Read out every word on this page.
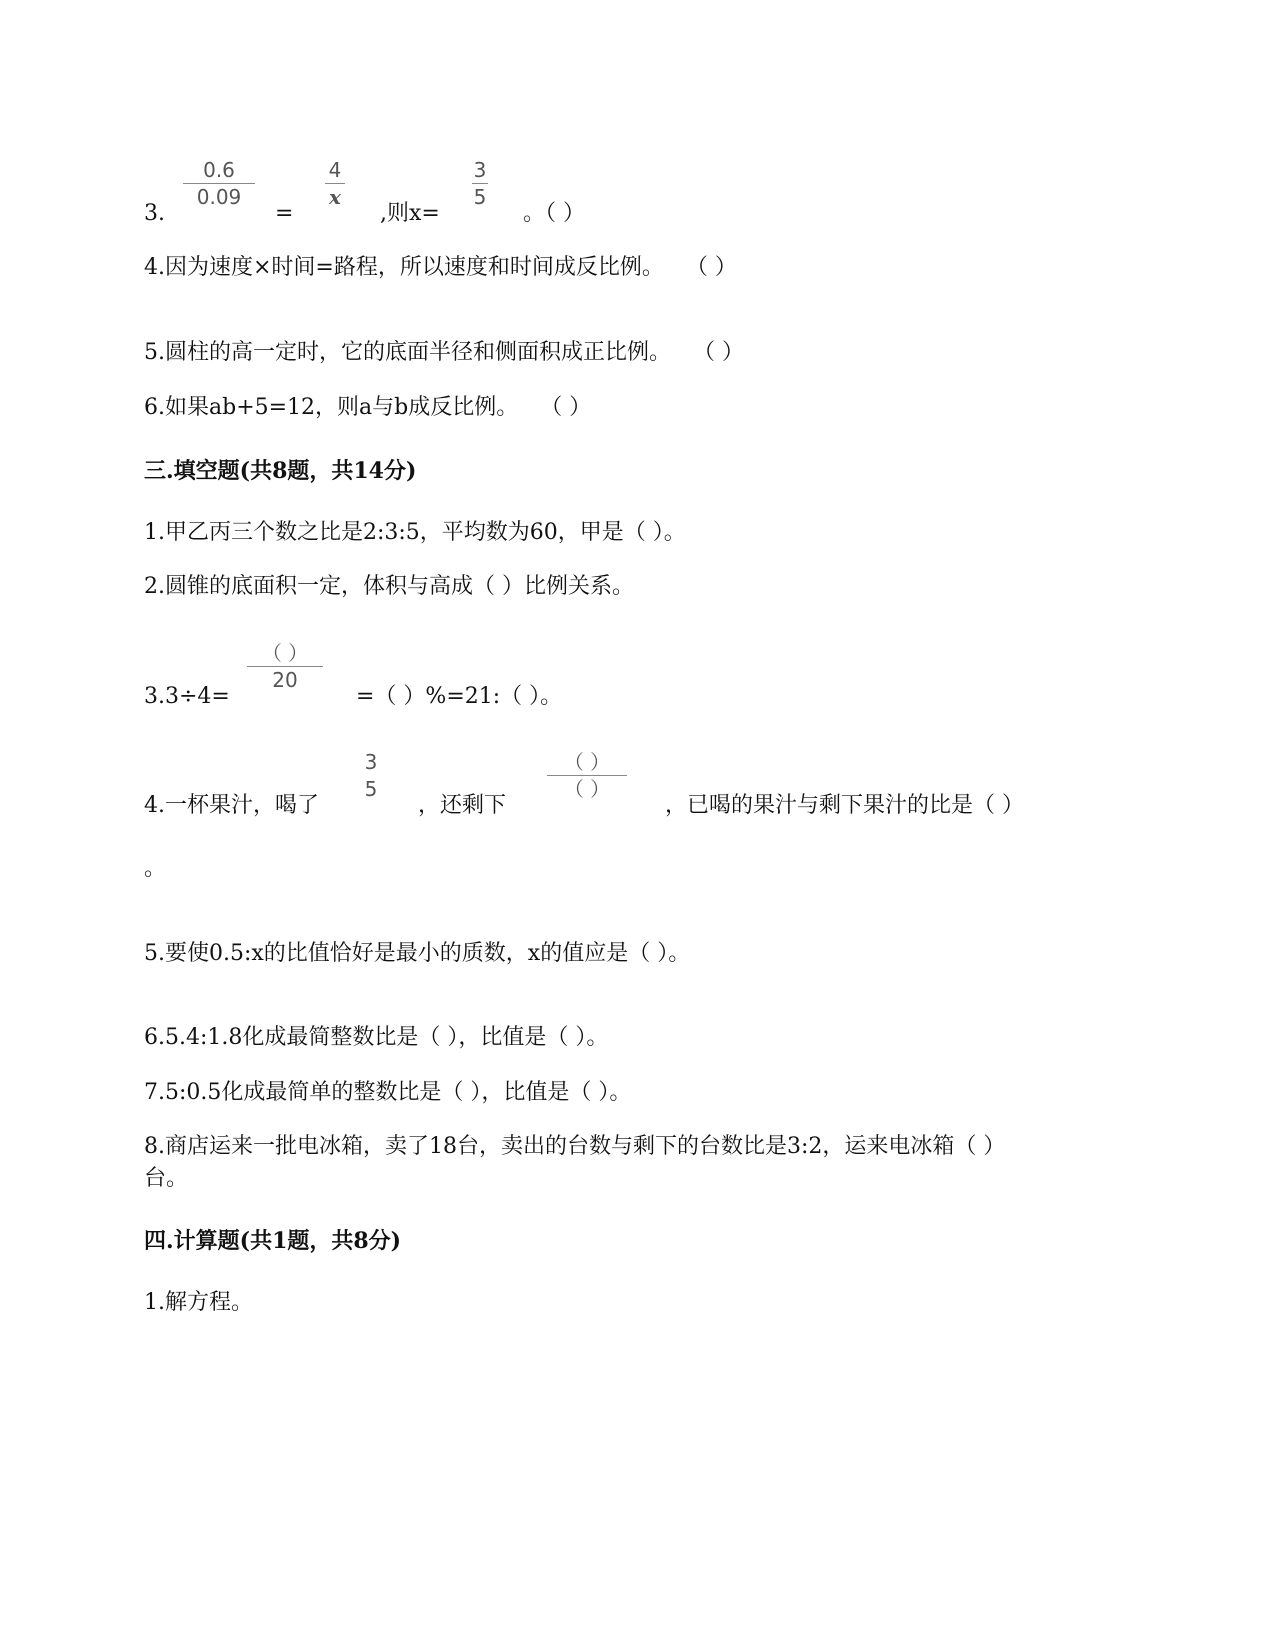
3.
0.6
0.09
=
4
x
,则x=
3
5
。（ ）
4.因为速度×时间=路程，所以速度和时间成反比例。　　（ ）
5.圆柱的高一定时，它的底面半径和侧面积成正比例。　　（ ）
6.如果ab+5=12，则a与b成反比例。　　（ ）
三.填空题(共8题，共14分)
1.甲乙丙三个数之比是2:3:5，平均数为60，甲是（ ）。
2.圆锥的底面积一定，体积与高成（ ）比例关系。
3.3÷4=
（ ）
20
=（ ）%=21:（ ）。
4.一杯果汁，喝了
3
5
，还剩下
（ ）
（ ）
，已喝的果汁与剩下果汁的比是（ ）
。
5.要使0.5:x的比值恰好是最小的质数，x的值应是（ ）。
6.5.4:1.8化成最简整数比是（ ），比值是（ ）。
7.5:0.5化成最简单的整数比是（ ），比值是（ ）。
8.商店运来一批电冰箱，卖了18台，卖出的台数与剩下的台数比是3:2，运来电冰箱（ ）
台。
四.计算题(共1题，共8分)
1.解方程。
